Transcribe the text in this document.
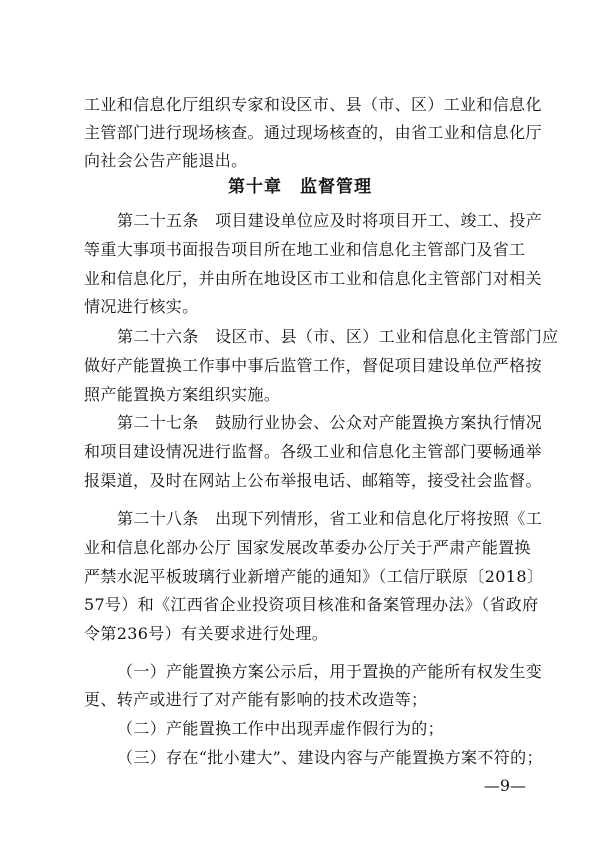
工业和信息化厅组织专家和设区市、县（市、区）工业和信息化
主管部门进行现场核查。通过现场核查的，由省工业和信息化厅
向社会公告产能退出。
第十章　监督管理
第二十五条　项目建设单位应及时将项目开工、竣工、投产
等重大事项书面报告项目所在地工业和信息化主管部门及省工
业和信息化厅，并由所在地设区市工业和信息化主管部门对相关
情况进行核实。
第二十六条　设区市、县（市、区）工业和信息化主管部门应
做好产能置换工作事中事后监管工作，督促项目建设单位严格按
照产能置换方案组织实施。
第二十七条　鼓励行业协会、公众对产能置换方案执行情况
和项目建设情况进行监督。各级工业和信息化主管部门要畅通举
报渠道，及时在网站上公布举报电话、邮箱等，接受社会监督。
第二十八条　出现下列情形，省工业和信息化厅将按照《工
业和信息化部办公厅 国家发展改革委办公厅关于严肃产能置换
严禁水泥平板玻璃行业新增产能的通知》（工信厅联原〔2018〕
57号）和《江西省企业投资项目核准和备案管理办法》（省政府
令第236号）有关要求进行处理。
（一）产能置换方案公示后，用于置换的产能所有权发生变
更、转产或进行了对产能有影响的技术改造等；
（二）产能置换工作中出现弄虚作假行为的；
（三）存在“批小建大”、建设内容与产能置换方案不符的；
—9—
